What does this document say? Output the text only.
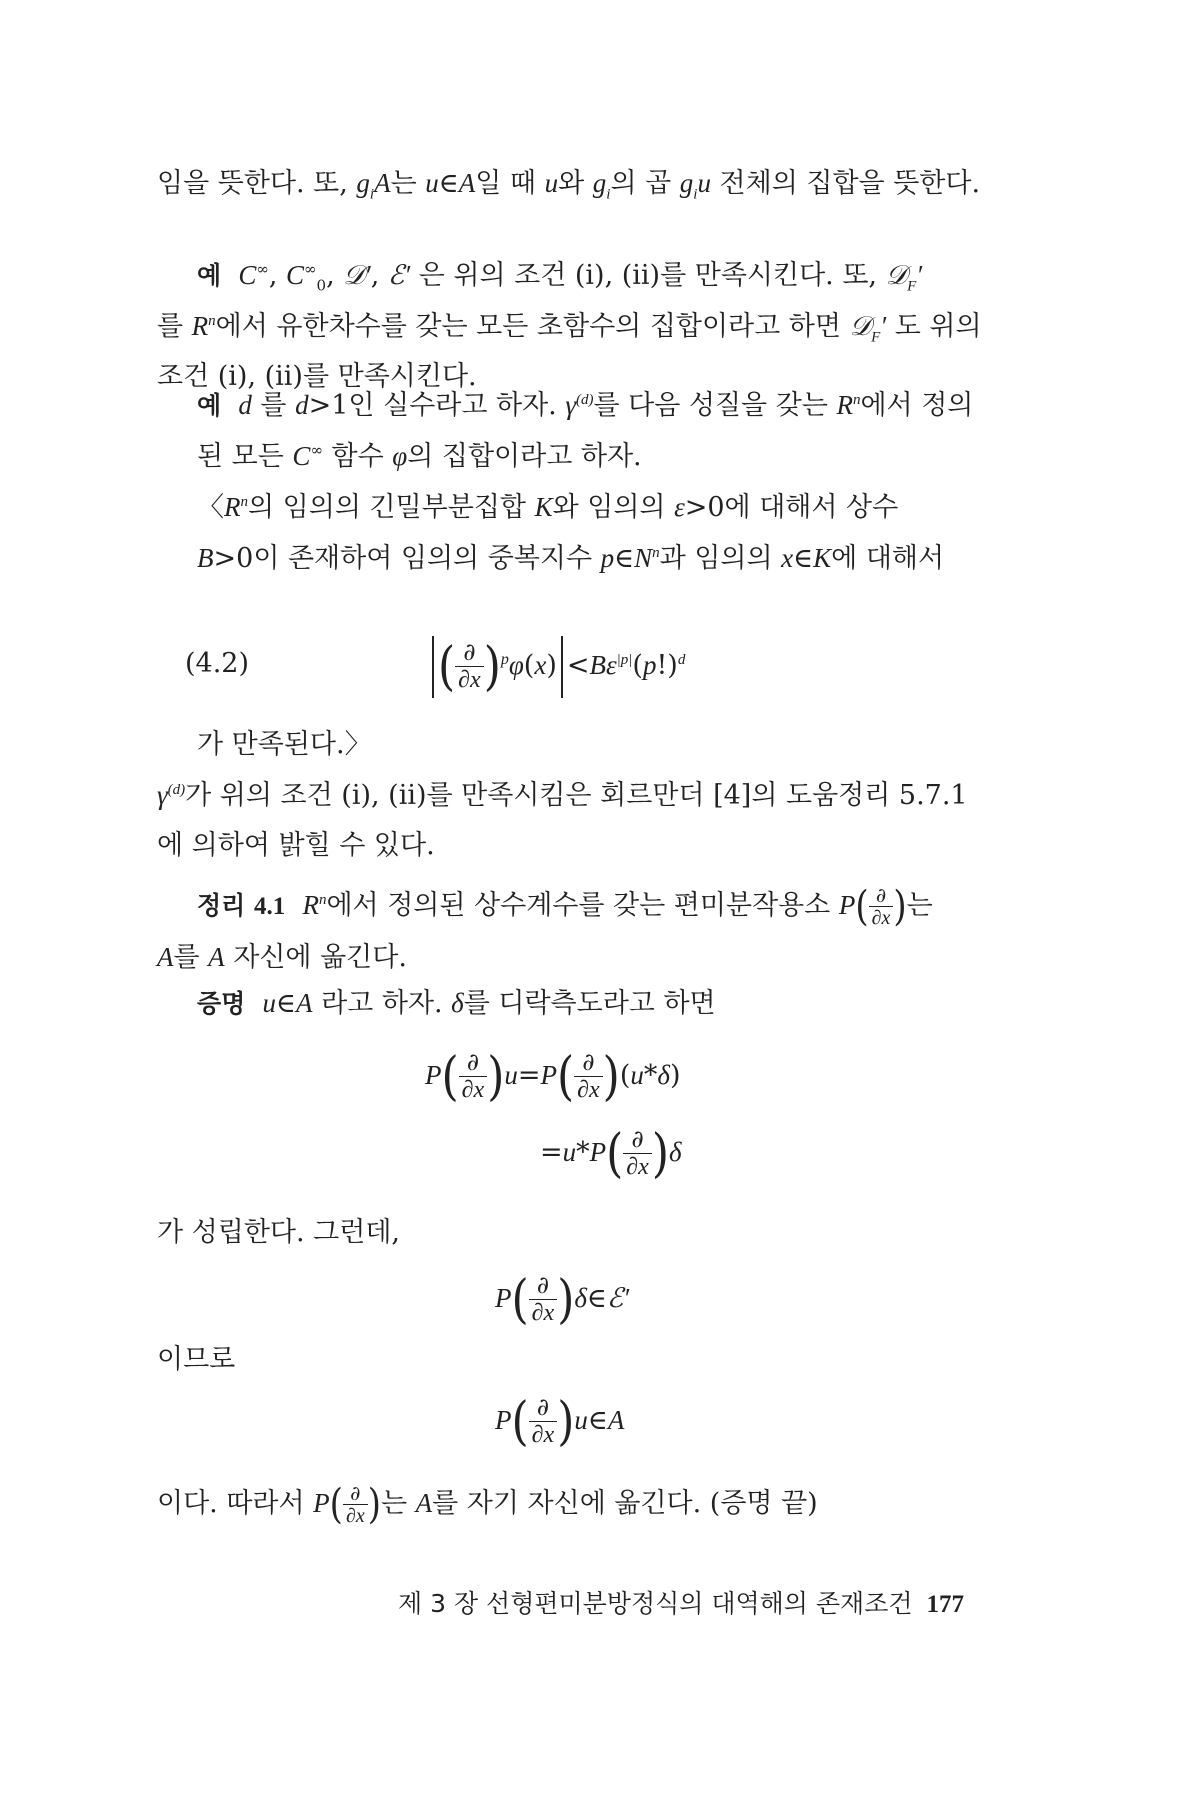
임을 뜻한다. 또, $g_iA$는 u∈A일 때 u와 $g_i$의 곱 $g_iu$ 전체의 집합을 뜻한다.

예 C∞, $C^\infty_0$, 𝒟′, ℰ′ 은 위의 조건 (i), (ii)를 만족시킨다. 또, 𝒟$_F$′

를 $R^n$에서 유한차수를 갖는 모든 초함수의 집합이라고 하면 𝒟$_F$′ 도 위의 조건 (i), (ii)를 만족시킨다.

예 d 를 d>1인 실수라고 하자. $\gamma^{(d)}$를 다음 성질을 갖는 $R^n$에서 정의된 모든 C∞ 함수 φ의 집합이라고 하자.

〈$R^n$의 임의의 긴밀부분집합 K와 임의의 ε>0에 대해서 상수

B>0이 존재하여 임의의 중복지수 $p\in N^n$과 임의의 x∈K에 대해서

(4.2)	( $\frac{\partial}{\partial x} )^p\varphi(x) <B\varepsilon^{|p|}(p!)^d$

가 만족된다.〉

$\gamma^{(d)}$가 위의 조건 (i), (ii)를 만족시킴은 회르만더 [4]의 도움정리 5.7.1에 의하여 밝힐 수 있다.

정리 4.1 $R^n$에서 정의된 상수계수를 갖는 편미분작용소 $P( \frac{\partial}{\partial x}$ )는

A를 A 자신에 옮긴다.

증명 u∈A 라고 하자. δ를 디락측도라고 하면

$P( \frac{\partial}{\partial x} )u=P( \frac{\partial}{\partial x} )(u*\delta)$
$=u*P( \frac{\partial}{\partial x} )\delta$

가 성립한다. 그런데,

$P( \frac{\partial}{\partial x}$ )δ∈ℰ′

이므로

$P( \frac{\partial}{\partial x}$ )u∈A

이다. 따라서 $P( \frac{\partial}{\partial x}$ )는 A를 자기 자신에 옮긴다. (증명 끝)

제 3 장 선형편미분방정식의 대역해의 존재조건 177
